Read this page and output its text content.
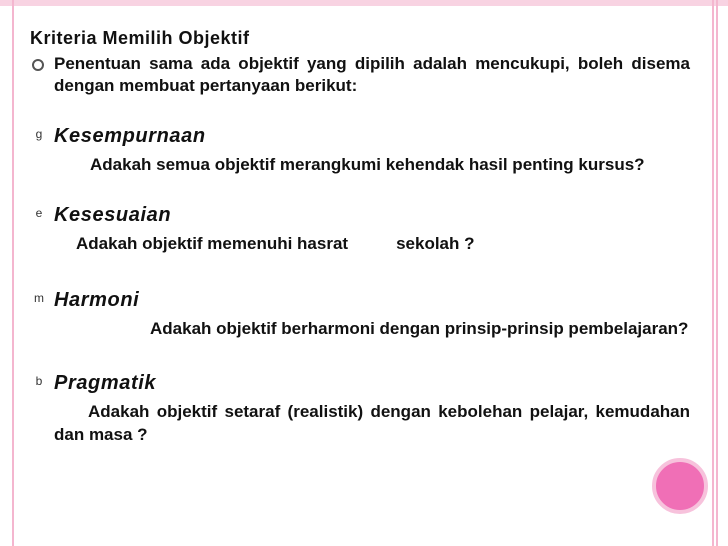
Kriteria Memilih Objektif
Penentuan sama ada objektif yang dipilih adalah mencukupi, boleh disema dengan membuat pertanyaan berikut:
g Kesempurnaan
Adakah semua objektif merangkumi kehendak hasil penting kursus?
e Kesesuaian
Adakah objektif memenuhi hasrat	sekolah ?
m Harmoni
Adakah objektif berharmoni dengan prinsip-prinsip pembelajaran?
b Pragmatik
Adakah objektif setaraf (realistik) dengan kebolehan pelajar, kemudahan dan masa ?
